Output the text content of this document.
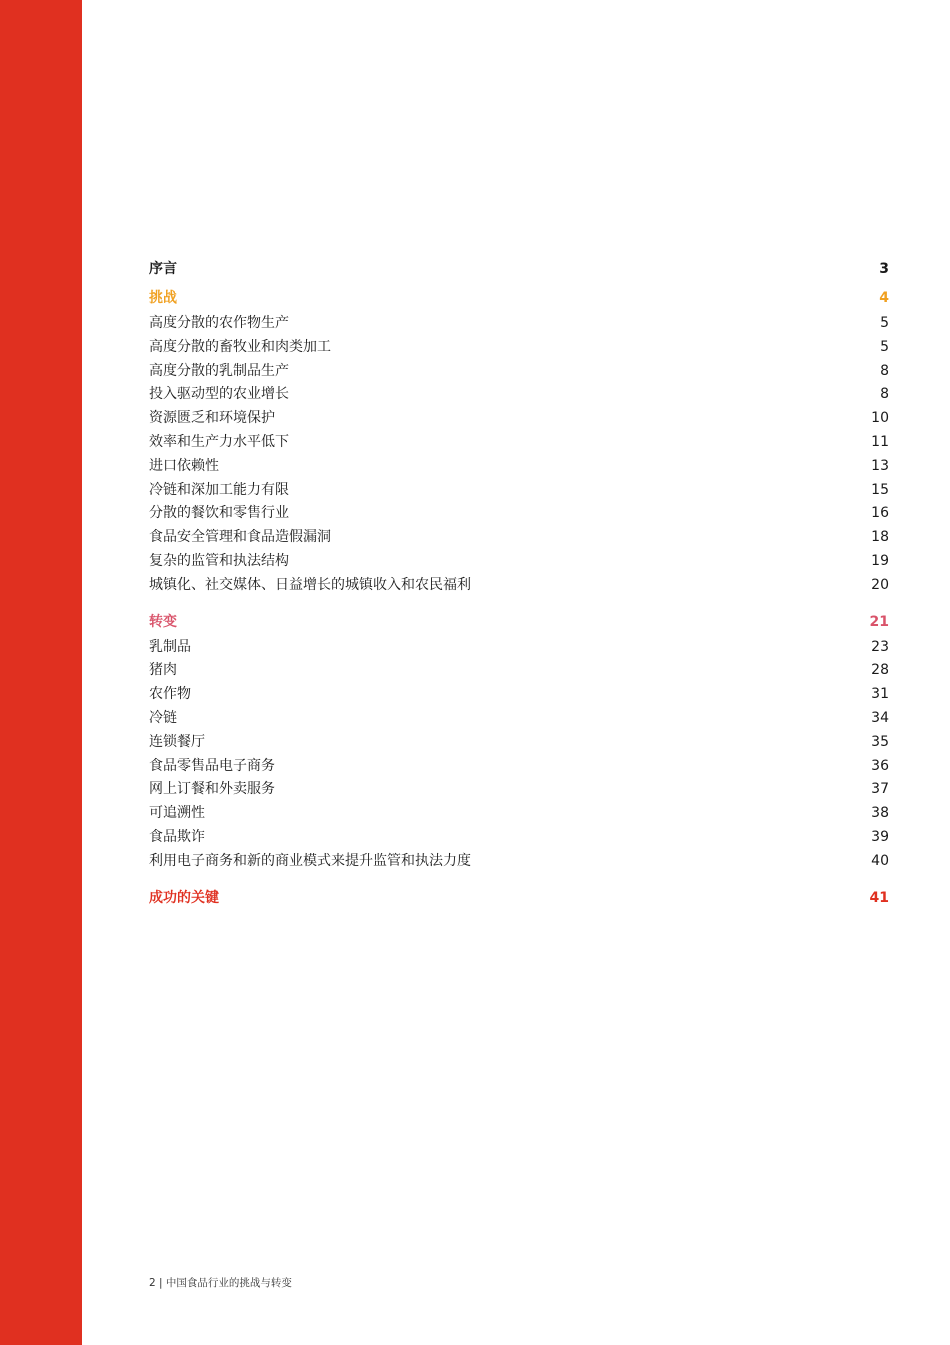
序言	3
挑战	4
高度分散的农作物生产	5
高度分散的畜牧业和肉类加工	5
高度分散的乳制品生产	8
投入驱动型的农业增长	8
资源匮乏和环境保护	10
效率和生产力水平低下	11
进口依赖性	13
冷链和深加工能力有限	15
分散的餐饮和零售行业	16
食品安全管理和食品造假漏洞	18
复杂的监管和执法结构	19
城镇化、社交媒体、日益增长的城镇收入和农民福利	20
转变	21
乳制品	23
猪肉	28
农作物	31
冷链	34
连锁餐厅	35
食品零售品电子商务	36
网上订餐和外卖服务	37
可追溯性	38
食品欺诈	39
利用电子商务和新的商业模式来提升监管和执法力度	40
成功的关键	41
2 | 中国食品行业的挑战与转变
